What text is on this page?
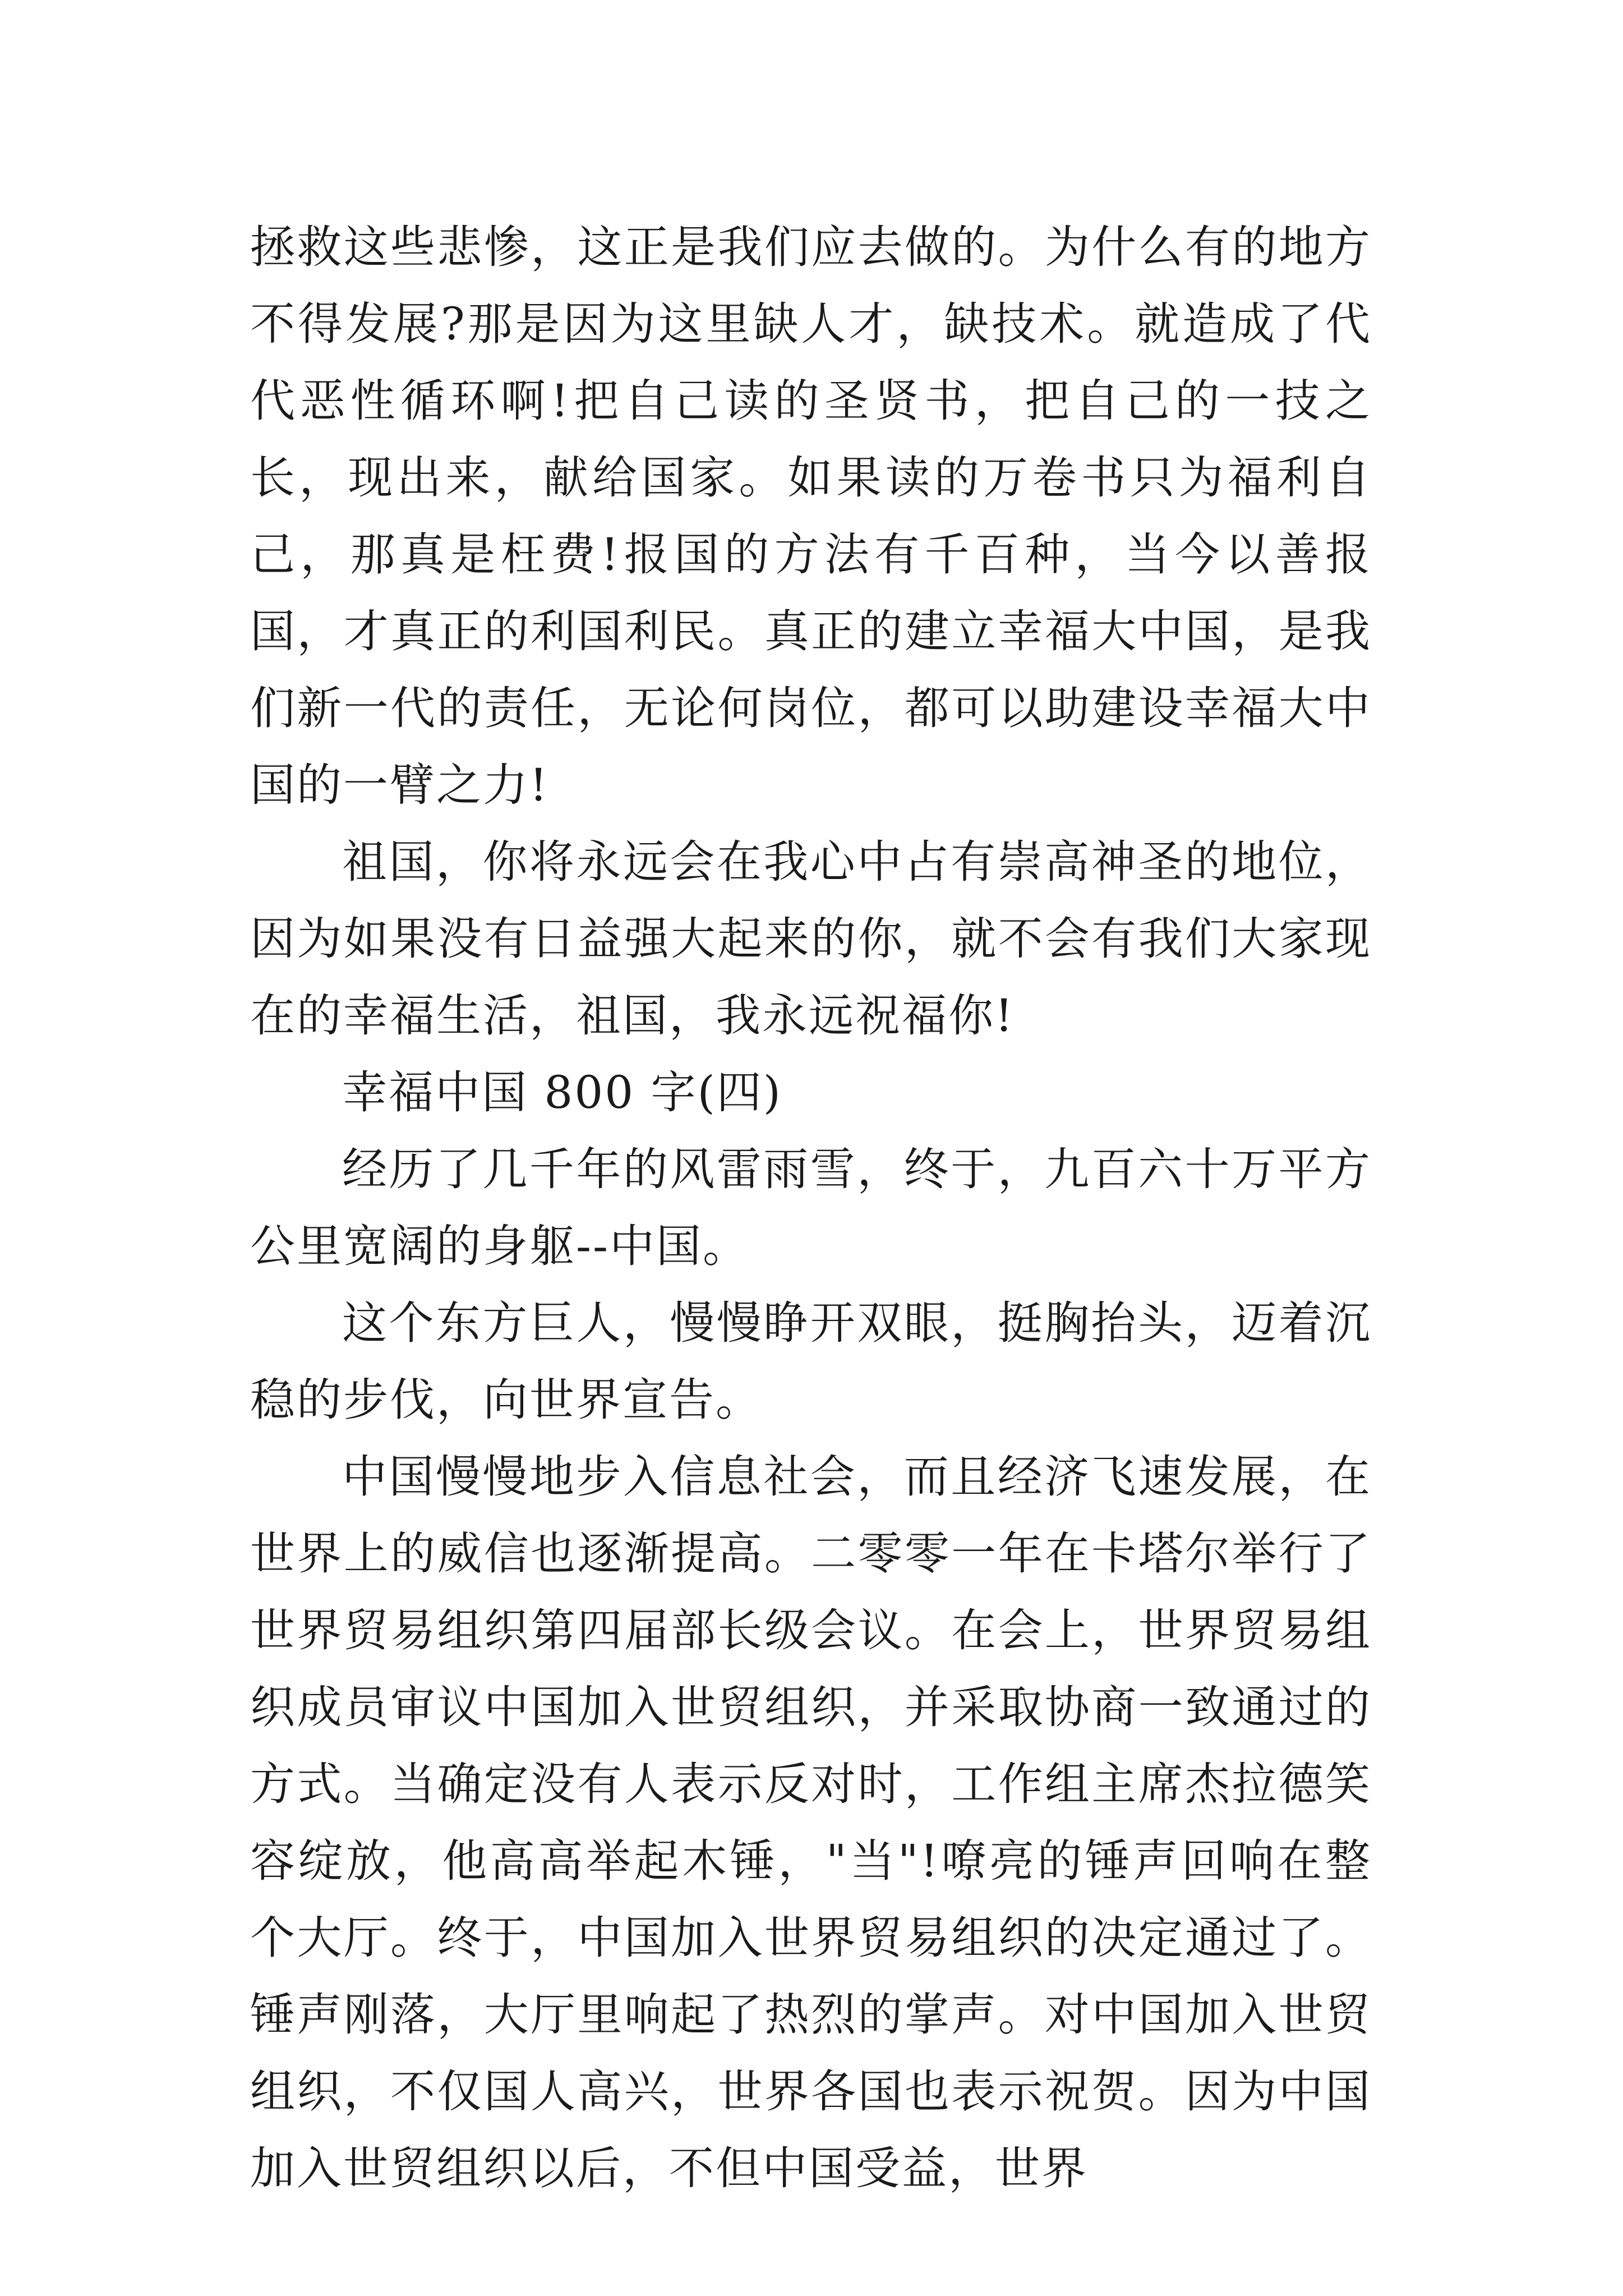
拯救这些悲惨，这正是我们应去做的。为什么有的地方不得发展?那是因为这里缺人才，缺技术。就造成了代代恶性循环啊!把自己读的圣贤书，把自己的一技之长，现出来，献给国家。如果读的万卷书只为福利自己，那真是枉费!报国的方法有千百种，当今以善报国，才真正的利国利民。真正的建立幸福大中国，是我们新一代的责任，无论何岗位，都可以助建设幸福大中国的一臂之力!

祖国，你将永远会在我心中占有崇高神圣的地位，因为如果没有日益强大起来的你，就不会有我们大家现在的幸福生活，祖国，我永远祝福你!

幸福中国 800 字(四)

经历了几千年的风雷雨雪，终于，九百六十万平方公里宽阔的身躯--中国。

这个东方巨人，慢慢睁开双眼，挺胸抬头，迈着沉稳的步伐，向世界宣告。

中国慢慢地步入信息社会，而且经济飞速发展，在世界上的威信也逐渐提高。二零零一年在卡塔尔举行了世界贸易组织第四届部长级会议。在会上，世界贸易组织成员审议中国加入世贸组织，并采取协商一致通过的方式。当确定没有人表示反对时，工作组主席杰拉德笑容绽放，他高高举起木锤，"当"!嘹亮的锤声回响在整个大厅。终于，中国加入世界贸易组织的决定通过了。锤声刚落，大厅里响起了热烈的掌声。对中国加入世贸组织，不仅国人高兴，世界各国也表示祝贺。因为中国加入世贸组织以后，不但中国受益，世界
